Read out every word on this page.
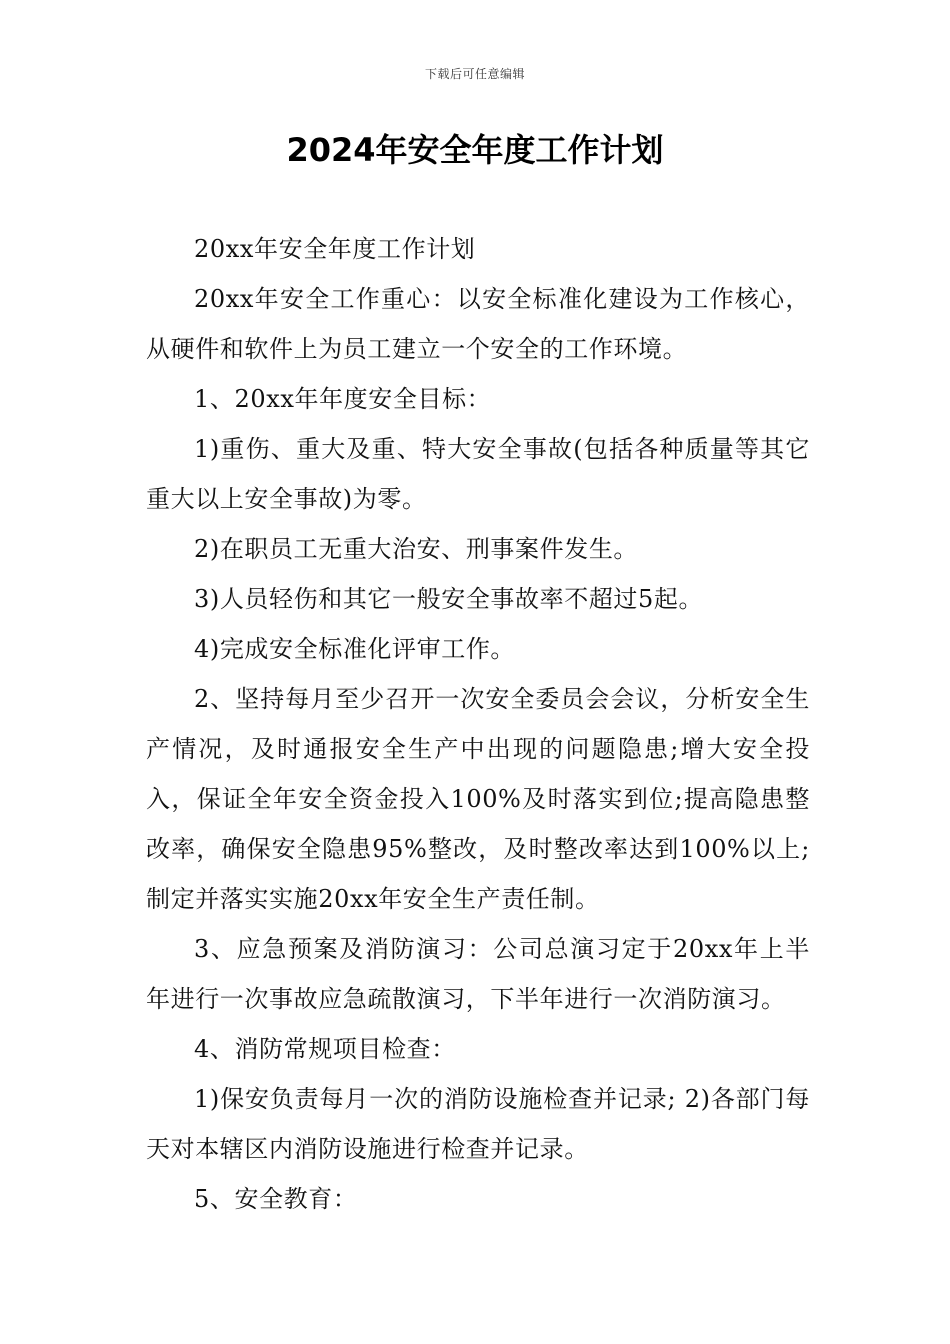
下载后可任意编辑
2024年安全年度工作计划

20xx年安全年度工作计划

20xx年安全工作重心：以安全标准化建设为工作核心，从硬件和软件上为员工建立一个安全的工作环境。

1、20xx年年度安全目标：

1)重伤、重大及重、特大安全事故(包括各种质量等其它重大以上安全事故)为零。

2)在职员工无重大治安、刑事案件发生。

3)人员轻伤和其它一般安全事故率不超过5起。

4)完成安全标准化评审工作。

2、坚持每月至少召开一次安全委员会会议，分析安全生产情况，及时通报安全生产中出现的问题隐患;增大安全投入，保证全年安全资金投入100%及时落实到位;提高隐患整改率，确保安全隐患95%整改，及时整改率达到100%以上;制定并落实实施20xx年安全生产责任制。

3、应急预案及消防演习：公司总演习定于20xx年上半年进行一次事故应急疏散演习，下半年进行一次消防演习。

4、消防常规项目检查：

1)保安负责每月一次的消防设施检查并记录; 2)各部门每天对本辖区内消防设施进行检查并记录。

5、安全教育：
